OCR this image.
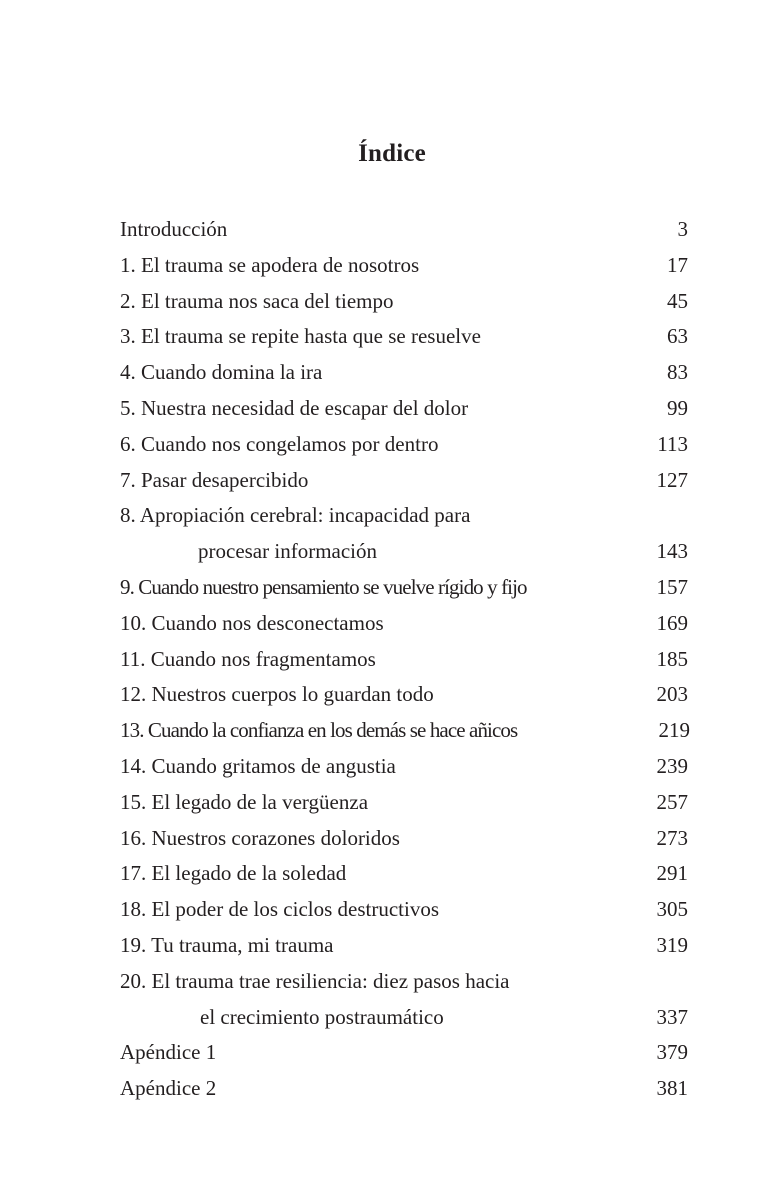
Índice
Introducción	3
1. El trauma se apodera de nosotros	17
2. El trauma nos saca del tiempo	45
3. El trauma se repite hasta que se resuelve	63
4. Cuando domina la ira	83
5. Nuestra necesidad de escapar del dolor	99
6. Cuando nos congelamos por dentro	113
7. Pasar desapercibido	127
8. Apropiación cerebral: incapacidad para
procesar información	143
9. Cuando nuestro pensamiento se vuelve rígido y fijo	157
10. Cuando nos desconectamos	169
11. Cuando nos fragmentamos	185
12. Nuestros cuerpos lo guardan todo	203
13. Cuando la confianza en los demás se hace añicos	219
14. Cuando gritamos de angustia	239
15. El legado de la vergüenza	257
16. Nuestros corazones doloridos	273
17. El legado de la soledad	291
18. El poder de los ciclos destructivos	305
19. Tu trauma, mi trauma	319
20. El trauma trae resiliencia: diez pasos hacia
el crecimiento postraumático	337
Apéndice 1	379
Apéndice 2	381
